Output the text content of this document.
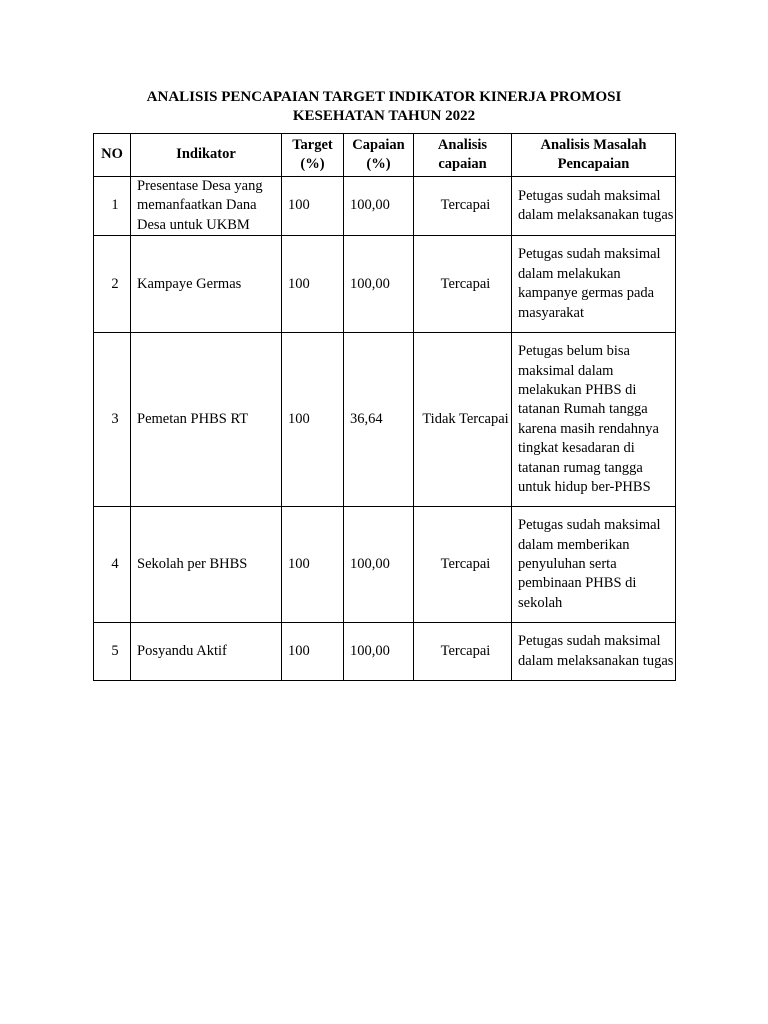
ANALISIS PENCAPAIAN TARGET INDIKATOR KINERJA PROMOSI
KESEHATAN TAHUN 2022
NO	Indikator	Target (%)	Capaian (%)	Analisis capaian	Analisis Masalah Pencapaian
1	Presentase Desa yang memanfaatkan Dana Desa untuk UKBM	100	100,00	Tercapai	Petugas sudah maksimal dalam melaksanakan tugas
2	Kampaye Germas	100	100,00	Tercapai	Petugas sudah maksimal dalam melakukan kampanye germas pada masyarakat
3	Pemetan PHBS RT	100	36,64	Tidak Tercapai	Petugas belum bisa maksimal dalam melakukan PHBS di tatanan Rumah tangga karena masih rendahnya tingkat kesadaran di tatanan rumag tangga untuk hidup ber-PHBS
4	Sekolah per BHBS	100	100,00	Tercapai	Petugas sudah maksimal dalam memberikan penyuluhan serta pembinaan PHBS di sekolah
5	Posyandu Aktif	100	100,00	Tercapai	Petugas sudah maksimal dalam melaksanakan tugas
